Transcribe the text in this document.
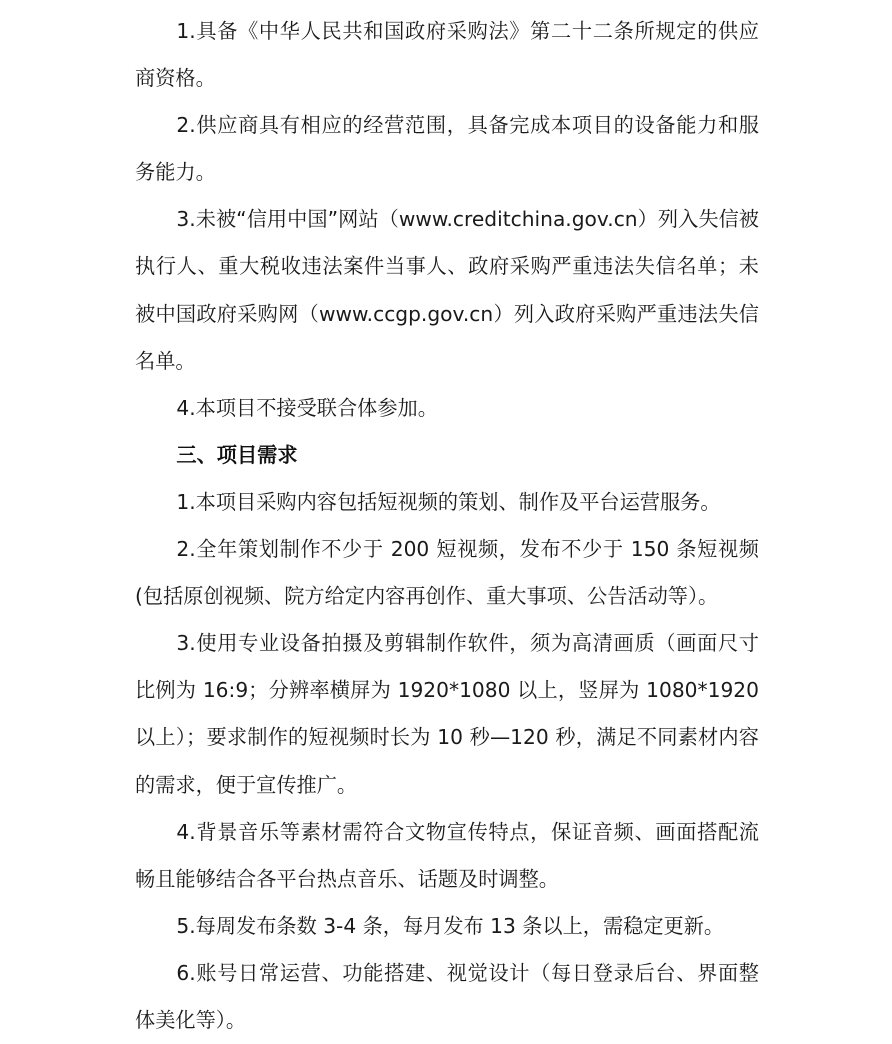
1.具备《中华人民共和国政府采购法》第二十二条所规定的供应商资格。

2.供应商具有相应的经营范围，具备完成本项目的设备能力和服务能力。

3.未被“信用中国”网站（www.creditchina.gov.cn）列入失信被执行人、重大税收违法案件当事人、政府采购严重违法失信名单；未被中国政府采购网（www.ccgp.gov.cn）列入政府采购严重违法失信名单。

4.本项目不接受联合体参加。

三、项目需求

1.本项目采购内容包括短视频的策划、制作及平台运营服务。

2.全年策划制作不少于 200 短视频，发布不少于 150 条短视频(包括原创视频、院方给定内容再创作、重大事项、公告活动等）。

3.使用专业设备拍摄及剪辑制作软件，须为高清画质（画面尺寸比例为 16:9；分辨率横屏为 1920*1080 以上，竖屏为 1080*1920 以上）；要求制作的短视频时长为 10 秒—120 秒，满足不同素材内容的需求，便于宣传推广。

4.背景音乐等素材需符合文物宣传特点，保证音频、画面搭配流畅且能够结合各平台热点音乐、话题及时调整。

5.每周发布条数 3-4 条，每月发布 13 条以上，需稳定更新。

6.账号日常运营、功能搭建、视觉设计（每日登录后台、界面整体美化等）。
